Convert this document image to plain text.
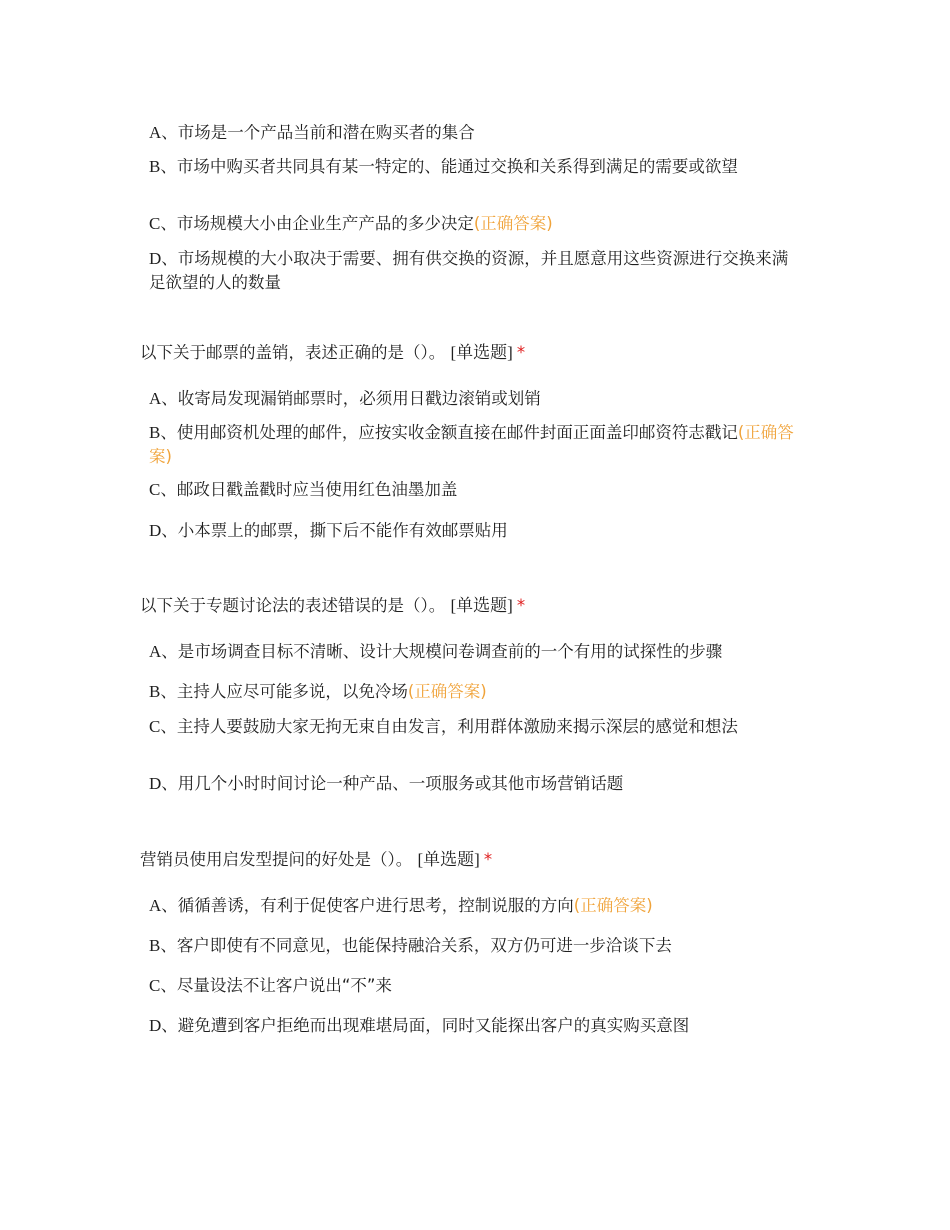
A、市场是一个产品当前和潜在购买者的集合
B、市场中购买者共同具有某一特定的、能通过交换和关系得到满足的需要或欲望
C、市场规模大小由企业生产产品的多少决定(正确答案)
D、市场规模的大小取决于需要、拥有供交换的资源，并且愿意用这些资源进行交换来满足欲望的人的数量
以下关于邮票的盖销，表述正确的是（）。 [单选题] *
A、收寄局发现漏销邮票时，必须用日戳边滚销或划销
B、使用邮资机处理的邮件，应按实收金额直接在邮件封面正面盖印邮资符志戳记(正确答案)
C、邮政日戳盖戳时应当使用红色油墨加盖
D、小本票上的邮票，撕下后不能作有效邮票贴用
以下关于专题讨论法的表述错误的是（）。 [单选题] *
A、是市场调查目标不清晰、设计大规模问卷调查前的一个有用的试探性的步骤
B、主持人应尽可能多说，以免冷场(正确答案)
C、主持人要鼓励大家无拘无束自由发言，利用群体激励来揭示深层的感觉和想法
D、用几个小时时间讨论一种产品、一项服务或其他市场营销话题
营销员使用启发型提问的好处是（）。 [单选题] *
A、循循善诱，有利于促使客户进行思考，控制说服的方向(正确答案)
B、客户即使有不同意见，也能保持融洽关系，双方仍可进一步洽谈下去
C、尽量设法不让客户说出“不”来
D、避免遭到客户拒绝而出现难堪局面，同时又能探出客户的真实购买意图
